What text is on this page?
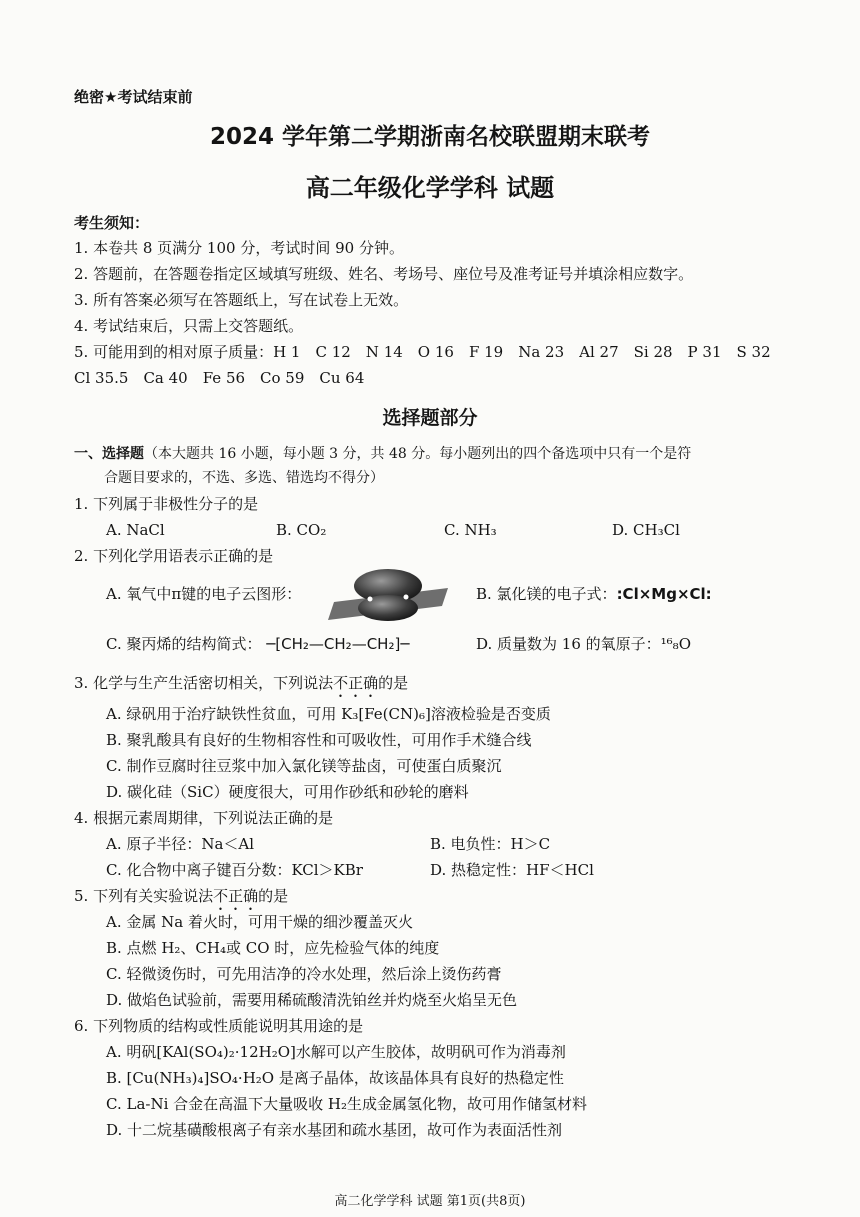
绝密★考试结束前
2024 学年第二学期浙南名校联盟期末联考
高二年级化学学科 试题
考生须知：
1. 本卷共 8 页满分 100 分，考试时间 90 分钟。
2. 答题前，在答题卷指定区域填写班级、姓名、考场号、座位号及准考证号并填涂相应数字。
3. 所有答案必须写在答题纸上，写在试卷上无效。
4. 考试结束后，只需上交答题纸。
5. 可能用到的相对原子质量：H 1　C 12　N 14　O 16　F 19　Na 23　Al 27　Si 28　P 31　S 32
Cl 35.5　Ca 40　Fe 56　Co 59　Cu 64
选择题部分
一、选择题（本大题共 16 小题，每小题 3 分，共 48 分。每小题列出的四个备选项中只有一个是符
合题目要求的，不选、多选、错选均不得分）
1. 下列属于非极性分子的是
A. NaCl	B. CO₂	C. NH₃	D. CH₃Cl
2. 下列化学用语表示正确的是
A. 氧气中π键的电子云图形：	B. 氯化镁的电子式：:Cl×Mg×Cl:
C. 聚丙烯的结构简式： ─[CH₂—CH₂—CH₂]─	D. 质量数为 16 的氧原子：¹⁶₈O
3. 化学与生产生活密切相关，下列说法不正确的是
A. 绿矾用于治疗缺铁性贫血，可用 K₃[Fe(CN)₆]溶液检验是否变质
B. 聚乳酸具有良好的生物相容性和可吸收性，可用作手术缝合线
C. 制作豆腐时往豆浆中加入氯化镁等盐卤，可使蛋白质聚沉
D. 碳化硅（SiC）硬度很大，可用作砂纸和砂轮的磨料
4. 根据元素周期律，下列说法正确的是
A. 原子半径：Na＜Al	B. 电负性：H＞C
C. 化合物中离子键百分数：KCl＞KBr	D. 热稳定性：HF＜HCl
5. 下列有关实验说法不正确的是
A. 金属 Na 着火时，可用干燥的细沙覆盖灭火
B. 点燃 H₂、CH₄或 CO 时，应先检验气体的纯度
C. 轻微烫伤时，可先用洁净的冷水处理，然后涂上烫伤药膏
D. 做焰色试验前，需要用稀硫酸清洗铂丝并灼烧至火焰呈无色
6. 下列物质的结构或性质能说明其用途的是
A. 明矾[KAl(SO₄)₂·12H₂O]水解可以产生胶体，故明矾可作为消毒剂
B. [Cu(NH₃)₄]SO₄·H₂O 是离子晶体，故该晶体具有良好的热稳定性
C. La-Ni 合金在高温下大量吸收 H₂生成金属氢化物，故可用作储氢材料
D. 十二烷基磺酸根离子有亲水基团和疏水基团，故可作为表面活性剂
高二化学学科 试题 第1页(共8页)
